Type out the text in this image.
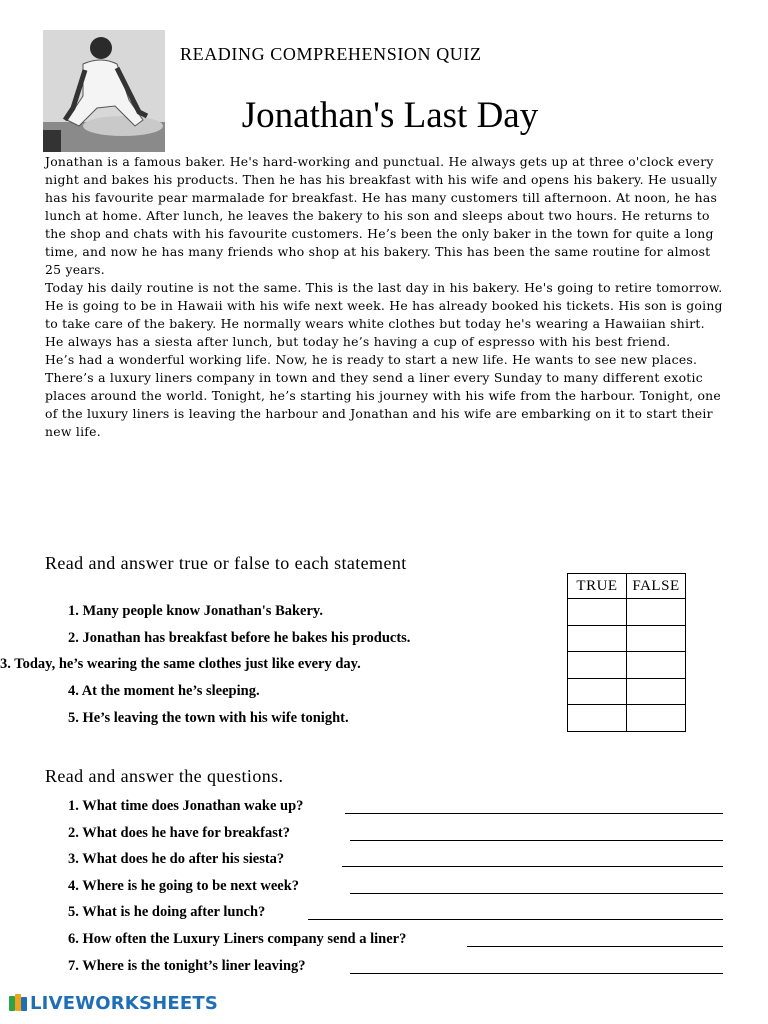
READING COMPREHENSION QUIZ
Jonathan's Last Day

Jonathan is a famous baker. He's hard-working and punctual. He always gets up at three o'clock every night and bakes his products. Then he has his breakfast with his wife and opens his bakery. He usually has his favourite pear marmalade for breakfast. He has many customers till afternoon. At noon, he has lunch at home. After lunch, he leaves the bakery to his son and sleeps about two hours. He returns to the shop and chats with his favourite customers. He’s been the only baker in the town for quite a long time, and now he has many friends who shop at his bakery. This has been the same routine for almost 25 years.

Today his daily routine is not the same. This is the last day in his bakery. He's going to retire tomorrow. He is going to be in Hawaii with his wife next week. He has already booked his tickets. His son is going to take care of the bakery. He normally wears white clothes but today he's wearing a Hawaiian shirt. He always has a siesta after lunch, but today he’s having a cup of espresso with his best friend.

He’s had a wonderful working life. Now, he is ready to start a new life. He wants to see new places. There’s a luxury liners company in town and they send a liner every Sunday to many different exotic places around the world. Tonight, he’s starting his journey with his wife from the harbour. Tonight, one of the luxury liners is leaving the harbour and Jonathan and his wife are embarking on it to start their new life.

Read and answer true or false to each statement
1. Many people know Jonathan's Bakery.
2. Jonathan has breakfast before he bakes his products.
3. Today, he’s wearing the same clothes just like every day.
4. At the moment he’s sleeping.
5. He’s leaving the town with his wife tonight.
TRUE	FALSE

Read and answer the questions.
1. What time does Jonathan wake up?
2. What does he have for breakfast?
3. What does he do after his siesta?
4. Where is he going to be next week?
5. What is he doing after lunch?
6. How often the Luxury Liners company send a liner?
7. Where is the tonight’s liner leaving?
LIVEWORKSHEETS
